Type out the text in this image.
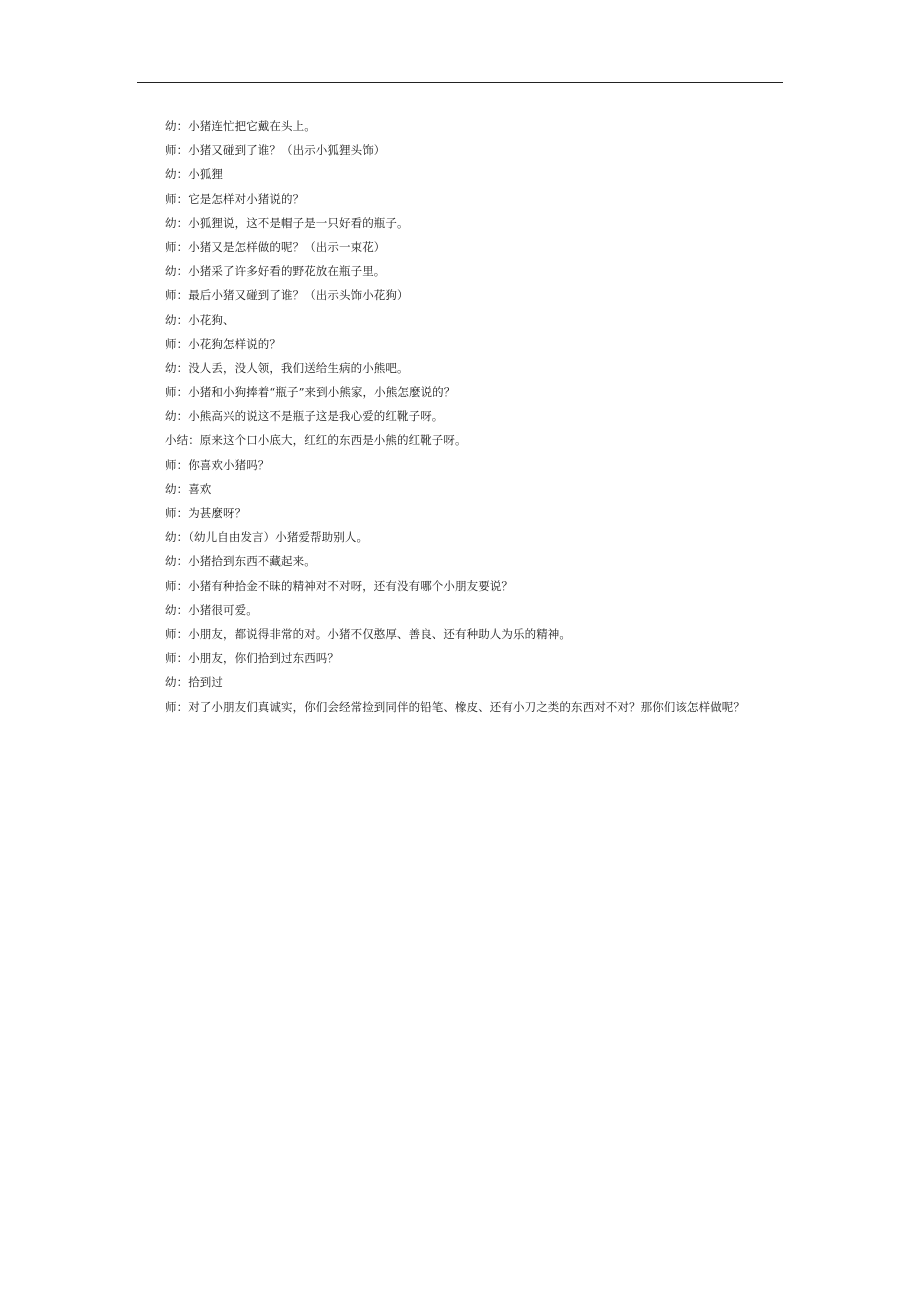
幼：小猪连忙把它戴在头上。
师：小猪又碰到了谁？（出示小狐狸头饰）
幼：小狐狸
师：它是怎样对小猪说的？
幼：小狐狸说，这不是帽子是一只好看的瓶子。
师：小猪又是怎样做的呢？（出示一束花）
幼：小猪采了许多好看的野花放在瓶子里。
师：最后小猪又碰到了谁？（出示头饰小花狗）
幼：小花狗、
师：小花狗怎样说的？
幼：没人丢，没人领，我们送给生病的小熊吧。
师：小猪和小狗捧着“瓶子”来到小熊家，小熊怎麼说的？
幼：小熊高兴的说这不是瓶子这是我心爱的红靴子呀。
小结：原来这个口小底大，红红的东西是小熊的红靴子呀。
师：你喜欢小猪吗？
幼：喜欢
师：为甚麼呀？
幼：（幼儿自由发言）小猪爱帮助别人。
幼：小猪拾到东西不藏起来。
师：小猪有种拾金不昧的精神对不对呀，还有没有哪个小朋友要说？
幼：小猪很可爱。
师：小朋友，都说得非常的对。小猪不仅憨厚、善良、还有种助人为乐的精神。
师：小朋友，你们拾到过东西吗？
幼：拾到过
师：对了小朋友们真诚实，你们会经常捡到同伴的铅笔、橡皮、还有小刀之类的东西对不对？那你们该怎样做呢？
